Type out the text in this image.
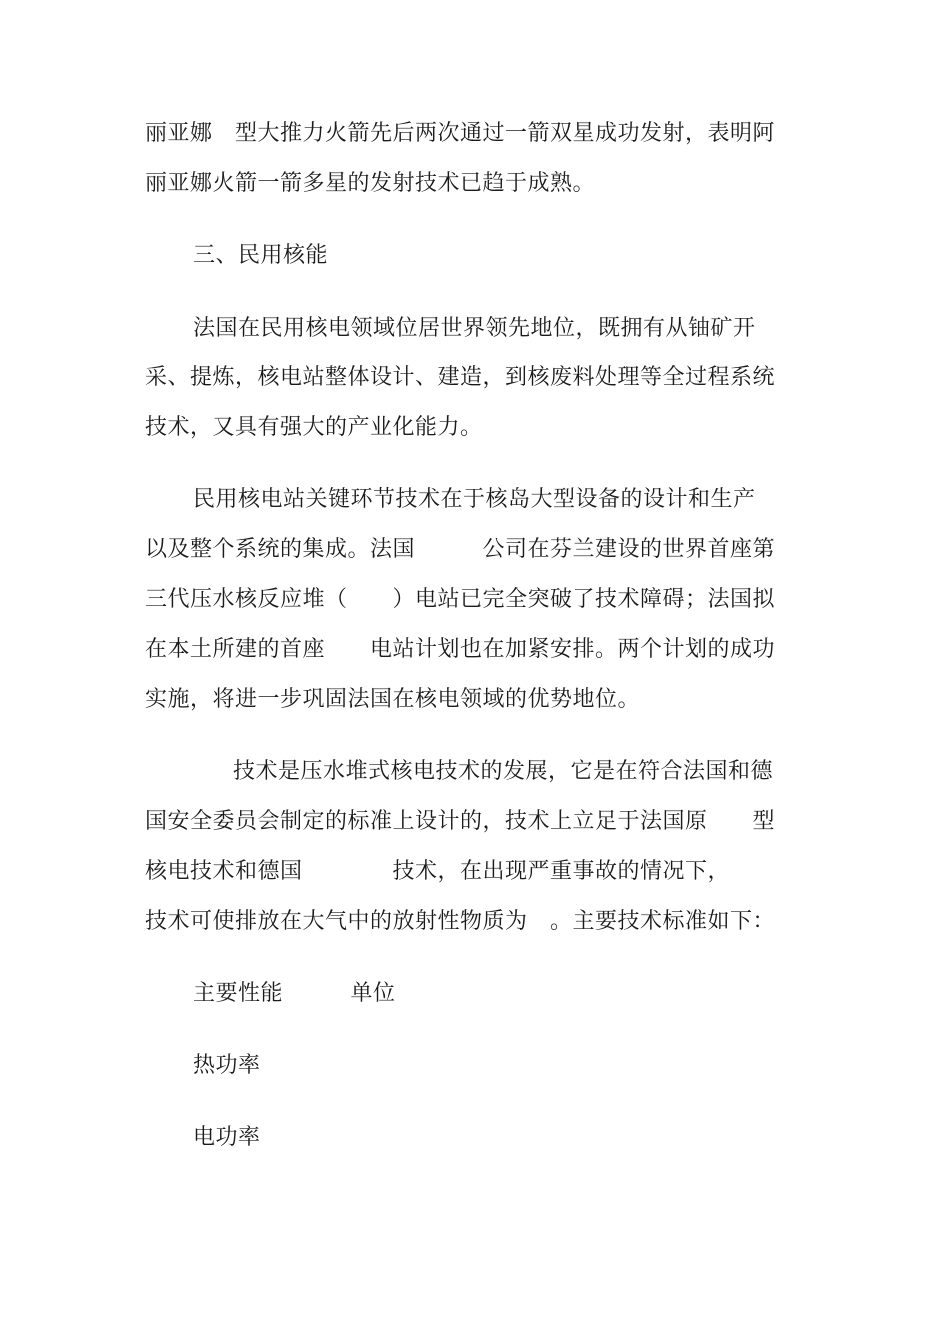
丽亚娜　型大推力火箭先后两次通过一箭双星成功发射，表明阿
丽亚娜火箭一箭多星的发射技术已趋于成熟。
三、民用核能
法国在民用核电领域位居世界领先地位，既拥有从铀矿开
采、提炼，核电站整体设计、建造，到核废料处理等全过程系统
技术，又具有强大的产业化能力。
民用核电站关键环节技术在于核岛大型设备的设计和生产
以及整个系统的集成。法国　　　公司在芬兰建设的世界首座第
三代压水核反应堆（　　）电站已完全突破了技术障碍；法国拟
在本土所建的首座　　电站计划也在加紧安排。两个计划的成功
实施，将进一步巩固法国在核电领域的优势地位。
技术是压水堆式核电技术的发展，它是在符合法国和德
国安全委员会制定的标准上设计的，技术上立足于法国原　　型
核电技术和德国　　　　技术，在出现严重事故的情况下，
技术可使排放在大气中的放射性物质为　。主要技术标准如下：
主要性能　　　单位
热功率
电功率
